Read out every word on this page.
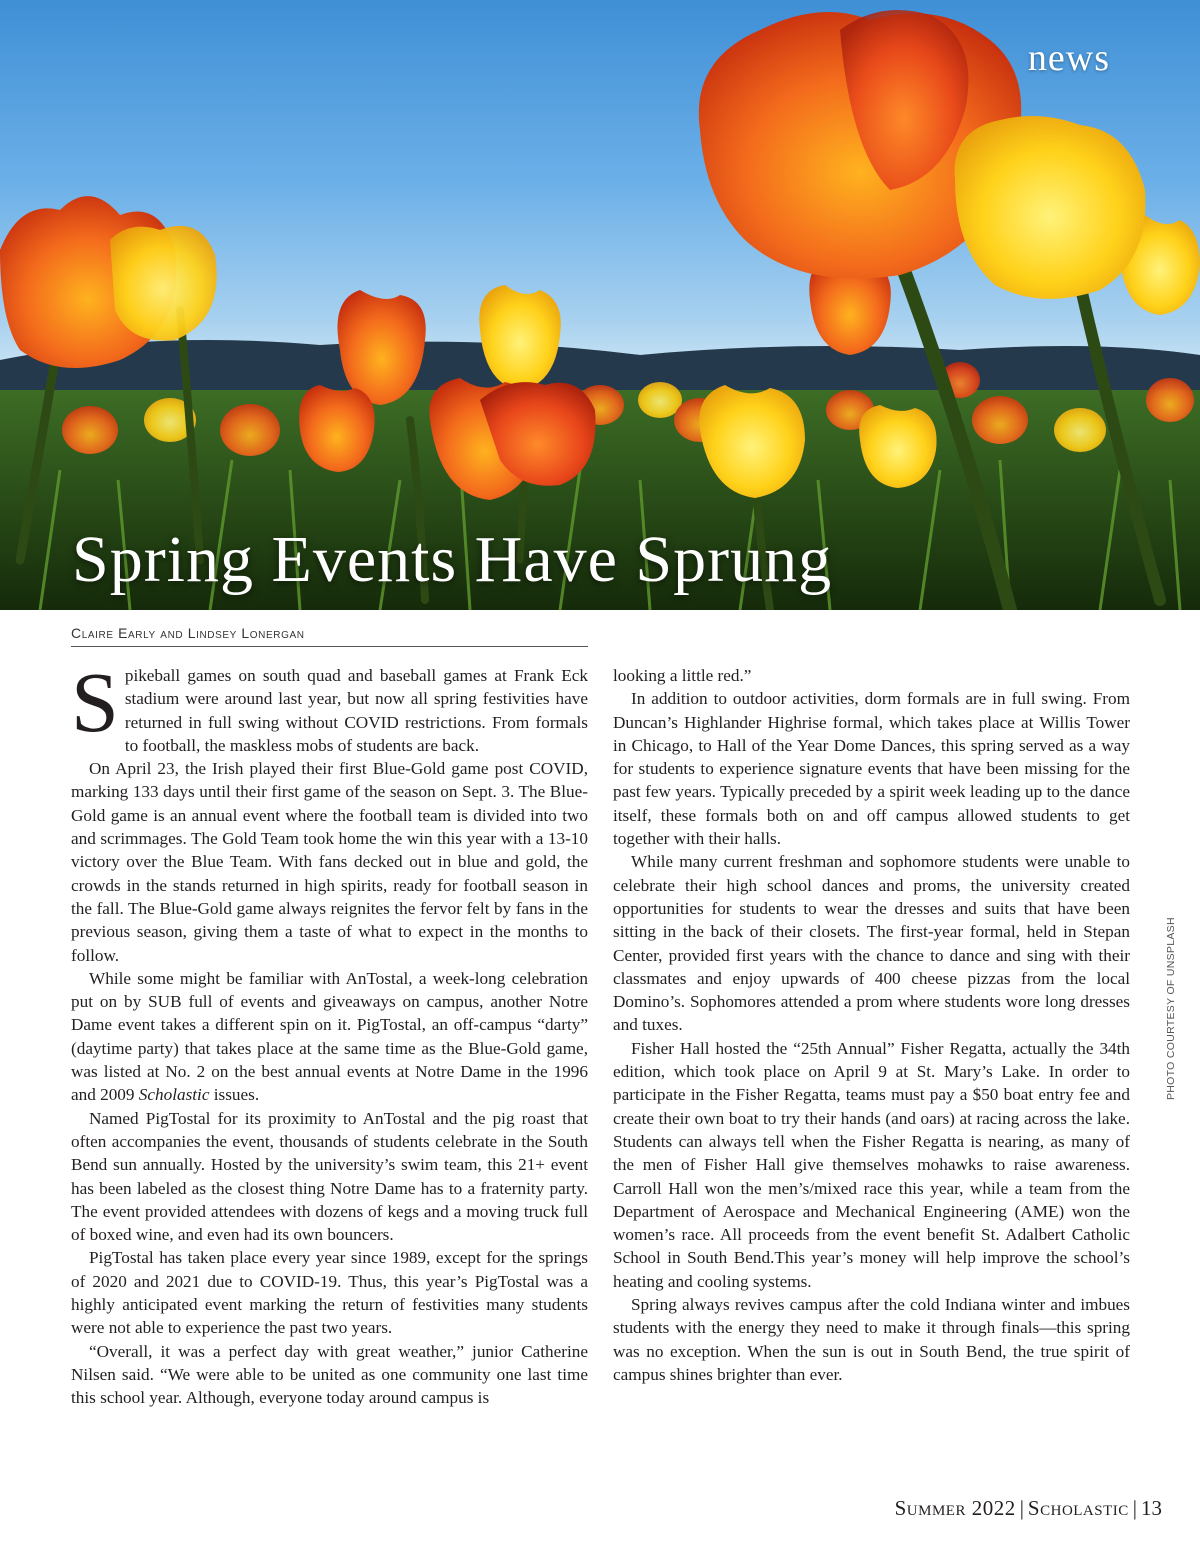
news
Spring Events Have Sprung
Claire Early and Lindsey Lonergan

Spikeball games on south quad and baseball games at Frank Eck stadium were around last year, but now all spring festivities have returned in full swing without COVID restrictions. From formals to football, the maskless mobs of students are back.

On April 23, the Irish played their first Blue-Gold game post COVID, marking 133 days until their first game of the season on Sept. 3. The Blue-Gold game is an annual event where the football team is divided into two and scrimmages. The Gold Team took home the win this year with a 13-10 victory over the Blue Team. With fans decked out in blue and gold, the crowds in the stands returned in high spirits, ready for football season in the fall. The Blue-Gold game always reignites the fervor felt by fans in the previous season, giving them a taste of what to expect in the months to follow.

While some might be familiar with AnTostal, a week-long celebration put on by SUB full of events and giveaways on campus, another Notre Dame event takes a different spin on it. PigTostal, an off-campus “darty” (daytime party) that takes place at the same time as the Blue-Gold game, was listed at No. 2 on the best annual events at Notre Dame in the 1996 and 2009 Scholastic issues.

Named PigTostal for its proximity to AnTostal and the pig roast that often accompanies the event, thousands of students celebrate in the South Bend sun annually. Hosted by the university’s swim team, this 21+ event has been labeled as the closest thing Notre Dame has to a fraternity party. The event provided attendees with dozens of kegs and a moving truck full of boxed wine, and even had its own bouncers.

PigTostal has taken place every year since 1989, except for the springs of 2020 and 2021 due to COVID-19. Thus, this year’s PigTostal was a highly anticipated event marking the return of festivities many students were not able to experience the past two years.

“Overall, it was a perfect day with great weather,” junior Catherine Nilsen said. “We were able to be united as one community one last time this school year. Although, everyone today around campus is

looking a little red.”

In addition to outdoor activities, dorm formals are in full swing. From Duncan’s Highlander Highrise formal, which takes place at Willis Tower in Chicago, to Hall of the Year Dome Dances, this spring served as a way for students to experience signature events that have been missing for the past few years. Typically preceded by a spirit week leading up to the dance itself, these formals both on and off campus allowed students to get together with their halls.

While many current freshman and sophomore students were unable to celebrate their high school dances and proms, the university created opportunities for students to wear the dresses and suits that have been sitting in the back of their closets. The first-year formal, held in Stepan Center, provided first years with the chance to dance and sing with their classmates and enjoy upwards of 400 cheese pizzas from the local Domino’s. Sophomores attended a prom where students wore long dresses and tuxes.

Fisher Hall hosted the “25th Annual” Fisher Regatta, actually the 34th edition, which took place on April 9 at St. Mary’s Lake. In order to participate in the Fisher Regatta, teams must pay a $50 boat entry fee and create their own boat to try their hands (and oars) at racing across the lake. Students can always tell when the Fisher Regatta is nearing, as many of the men of Fisher Hall give themselves mohawks to raise awareness. Carroll Hall won the men’s/mixed race this year, while a team from the Department of Aerospace and Mechanical Engineering (AME) won the women’s race. All proceeds from the event benefit St. Adalbert Catholic School in South Bend.This year’s money will help improve the school’s heating and cooling systems.

Spring always revives campus after the cold Indiana winter and imbues students with the energy they need to make it through finals—this spring was no exception. When the sun is out in South Bend, the true spirit of campus shines brighter than ever.

PHOTO COURTESY OF UNSPLASH
Summer 2022 | Scholastic | 13
